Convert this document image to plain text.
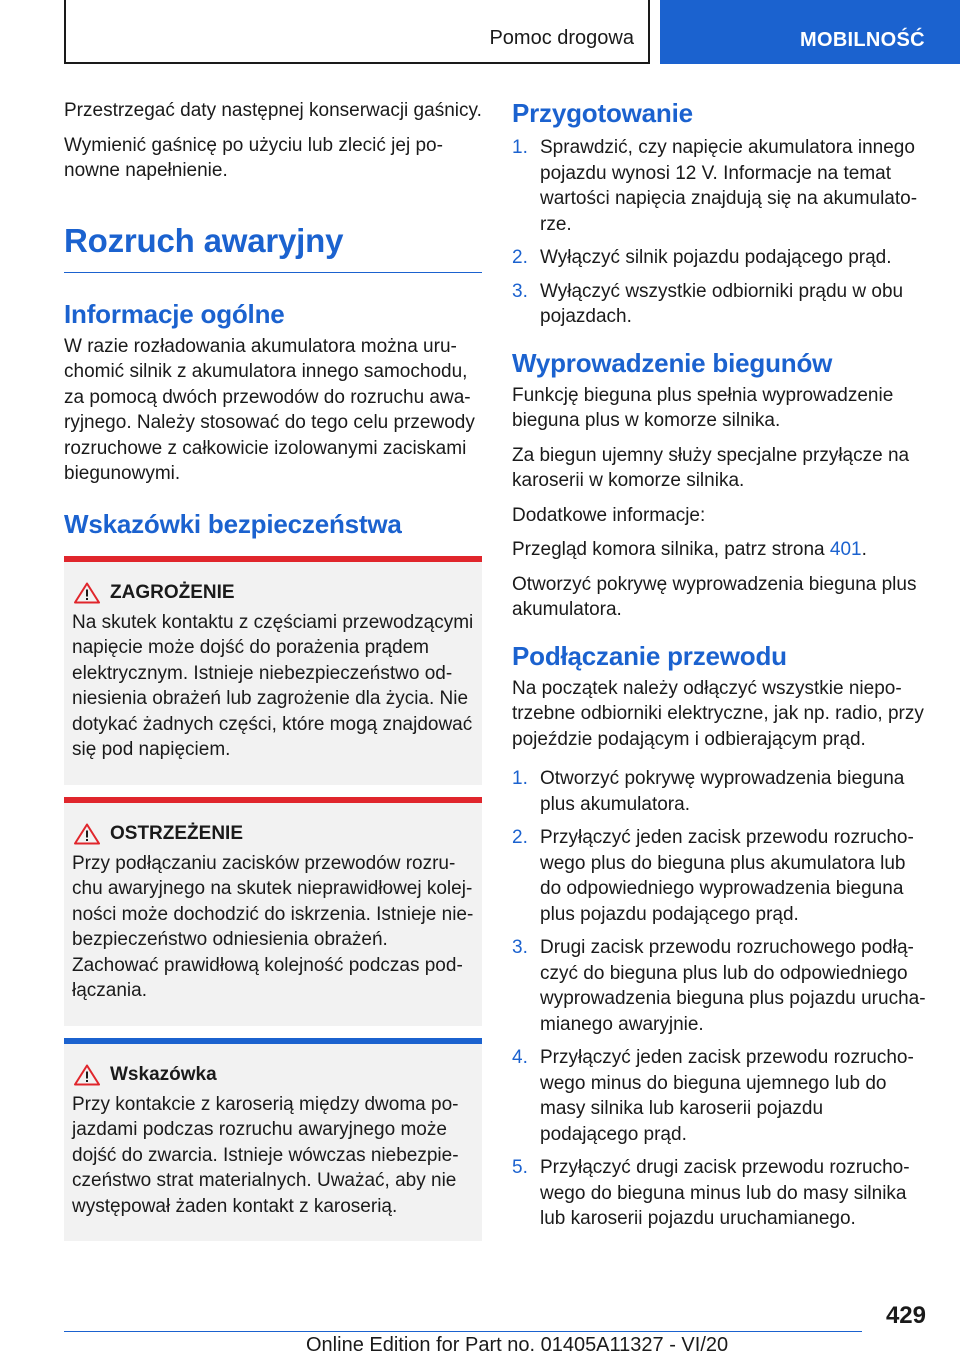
Pomoc drogowa	MOBILNOŚĆ

Przestrzegać daty następnej konserwacji gaśnicy.

Wymienić gaśnicę po użyciu lub zlecić jej ponowne napełnienie.

Rozruch awaryjny
Informacje ogólne

W razie rozładowania akumulatora można uruchomić silnik z akumulatora innego samochodu, za pomocą dwóch przewodów do rozruchu awaryjnego. Należy stosować do tego celu przewody rozruchowe z całkowicie izolowanymi zaciskami biegunowymi.

Wskazówki bezpieczeństwa
ZAGROŻENIE

Na skutek kontaktu z częściami przewodzącymi napięcie może dojść do porażenia prądem elektrycznym. Istnieje niebezpieczeństwo odniesienia obrażeń lub zagrożenie dla życia. Nie dotykać żadnych części, które mogą znajdować się pod napięciem.

OSTRZEŻENIE

Przy podłączaniu zacisków przewodów rozruchu awaryjnego na skutek nieprawidłowej kolejności może dochodzić do iskrzenia. Istnieje niebezpieczeństwo odniesienia obrażeń. Zachować prawidłową kolejność podczas podłączania.

Wskazówka

Przy kontakcie z karoserią między dwoma pojazdami podczas rozruchu awaryjnego może dojść do zwarcia. Istnieje wówczas niebezpieczeństwo strat materialnych. Uważać, aby nie występował żaden kontakt z karoserią.

Przygotowanie
1. Sprawdzić, czy napięcie akumulatora innego pojazdu wynosi 12 V. Informacje na temat wartości napięcia znajdują się na akumulatorze.
2. Wyłączyć silnik pojazdu podającego prąd.
3. Wyłączyć wszystkie odbiorniki prądu w obu pojazdach.
Wyprowadzenie biegunów

Funkcję bieguna plus spełnia wyprowadzenie bieguna plus w komorze silnika.

Za biegun ujemny służy specjalne przyłącze na karoserii w komorze silnika.

Dodatkowe informacje:

Przegląd komora silnika, patrz strona 401.

Otworzyć pokrywę wyprowadzenia bieguna plus akumulatora.

Podłączanie przewodu

Na początek należy odłączyć wszystkie niepotrzebne odbiorniki elektryczne, jak np. radio, przy pojeździe podającym i odbierającym prąd.

1. Otworzyć pokrywę wyprowadzenia bieguna plus akumulatora.
2. Przyłączyć jeden zacisk przewodu rozruchowego plus do bieguna plus akumulatora lub do odpowiedniego wyprowadzenia bieguna plus pojazdu podającego prąd.
3. Drugi zacisk przewodu rozruchowego podłączyć do bieguna plus lub do odpowiedniego wyprowadzenia bieguna plus pojazdu uruchamianego awaryjnie.
4. Przyłączyć jeden zacisk przewodu rozruchowego minus do bieguna ujemnego lub do masy silnika lub karoserii pojazdu podającego prąd.
5. Przyłączyć drugi zacisk przewodu rozruchowego do bieguna minus lub do masy silnika lub karoserii pojazdu uruchamianego.
429
Online Edition for Part no. 01405A11327 - VI/20
